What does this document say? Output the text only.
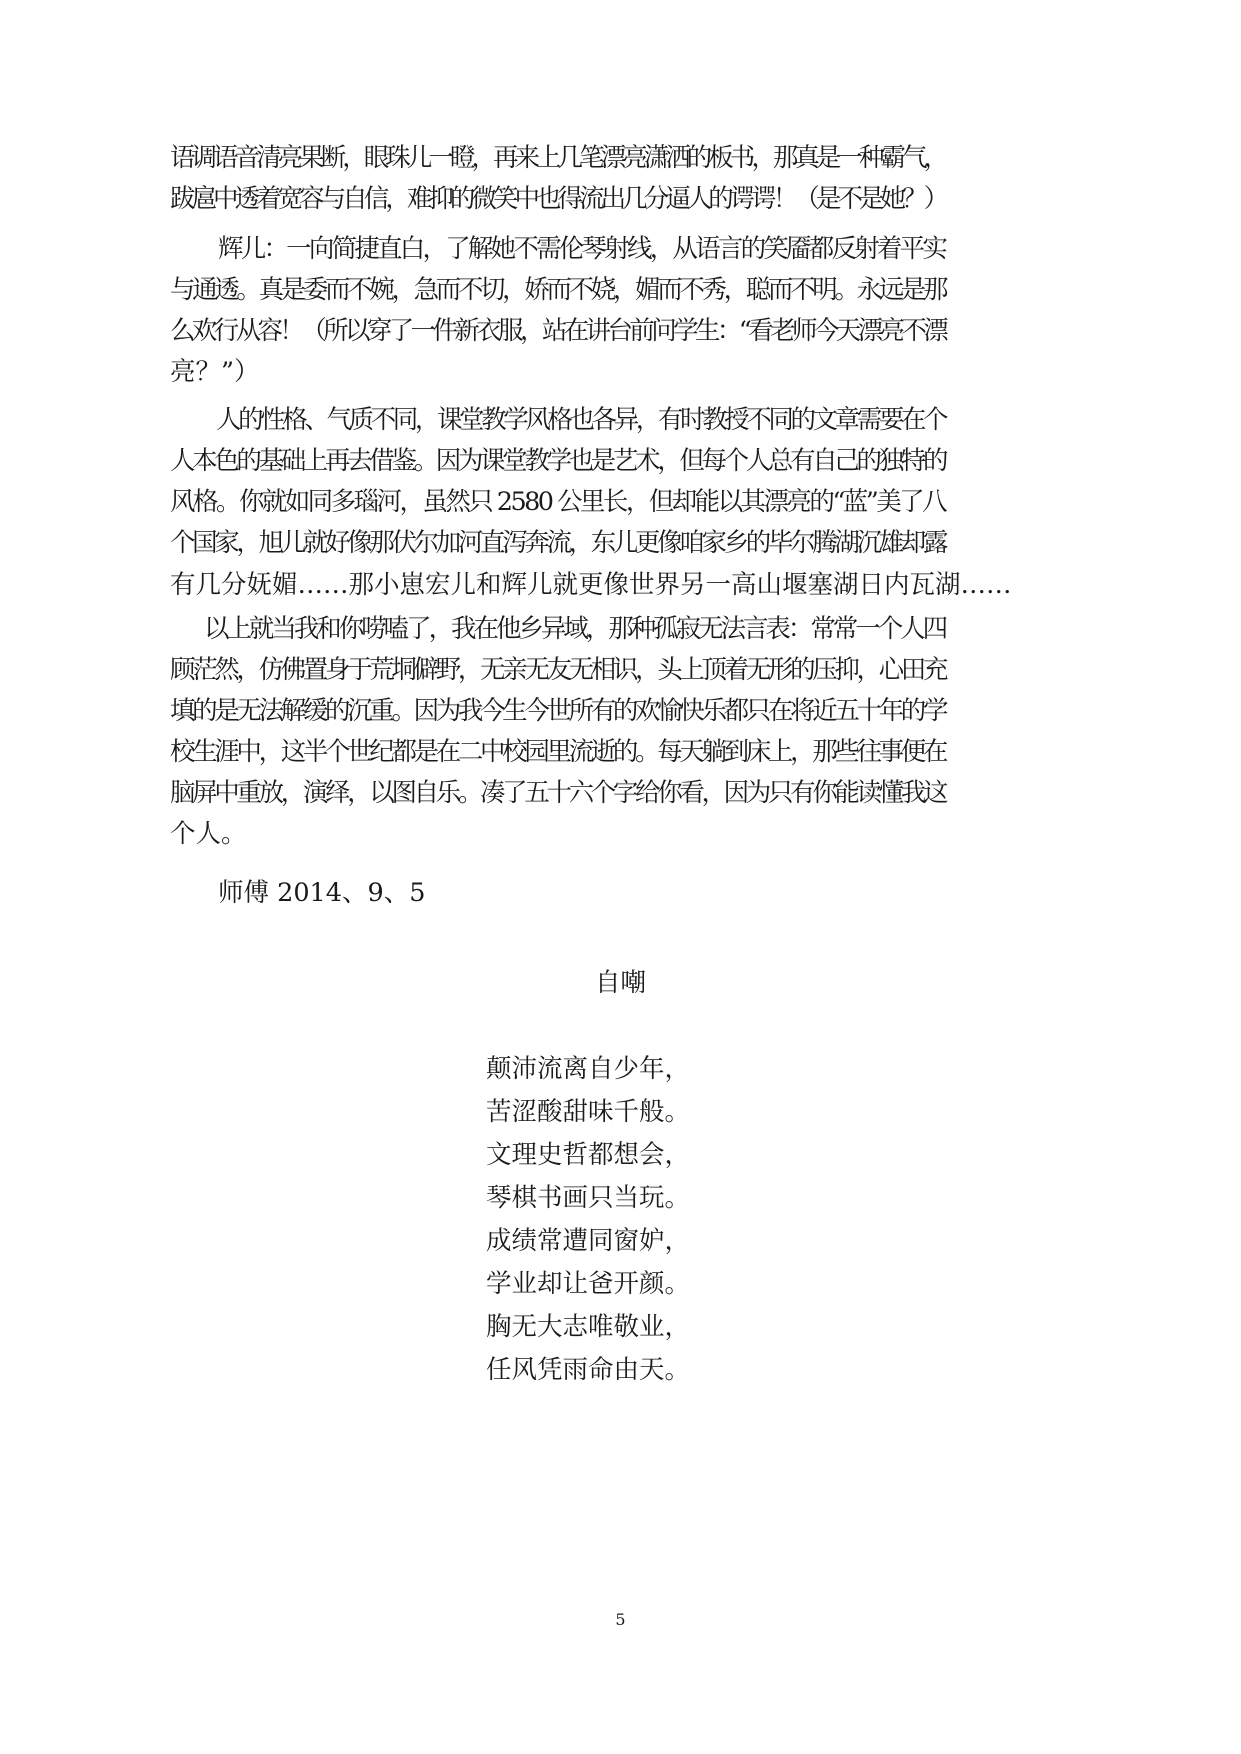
语调语音清亮果断，眼珠儿一瞪，再来上几笔漂亮潇洒的板书，那真是一种霸气，
跋扈中透着宽容与自信，难抑的微笑中也得流出几分逼人的谔谔！（是不是她？）
辉儿：一向简捷直白，了解她不需伦琴射线，从语言的笑靥都反射着平实
与通透。真是委而不婉，急而不切，娇而不娆，媚而不秀，聪而不明。永远是那
么欢行从容！（所以穿了一件新衣服，站在讲台前问学生：“看老师今天漂亮不漂
亮？”）
人的性格、气质不同，课堂教学风格也各异，有时教授不同的文章需要在个
人本色的基础上再去借鉴。因为课堂教学也是艺术，但每个人总有自己的独特的
风格。你就如同多瑙河，虽然只 2580 公里长，但却能以其漂亮的“蓝”美了八
个国家，旭儿就好像那伏尔加河直泻奔流，东儿更像咱家乡的毕尔腾湖沉雄却露
有几分妩媚……那小崽宏儿和辉儿就更像世界另一高山堰塞湖日内瓦湖……
以上就当我和你唠嗑了，我在他乡异域，那种孤寂无法言表：常常一个人四
顾茫然，仿佛置身于荒垌僻野，无亲无友无相识，头上顶着无形的压抑，心田充
填的是无法解缓的沉重。因为我今生今世所有的欢愉快乐都只在将近五十年的学
校生涯中，这半个世纪都是在二中校园里流逝的。每天躺到床上，那些往事便在
脑屏中重放，演绎，以图自乐。凑了五十六个字给你看，因为只有你能读懂我这
个人。
师傅 2014、9、5
自嘲
颠沛流离自少年，
苦涩酸甜味千般。
文理史哲都想会，
琴棋书画只当玩。
成绩常遭同窗妒，
学业却让爸开颜。
胸无大志唯敬业，
任风凭雨命由天。
5
